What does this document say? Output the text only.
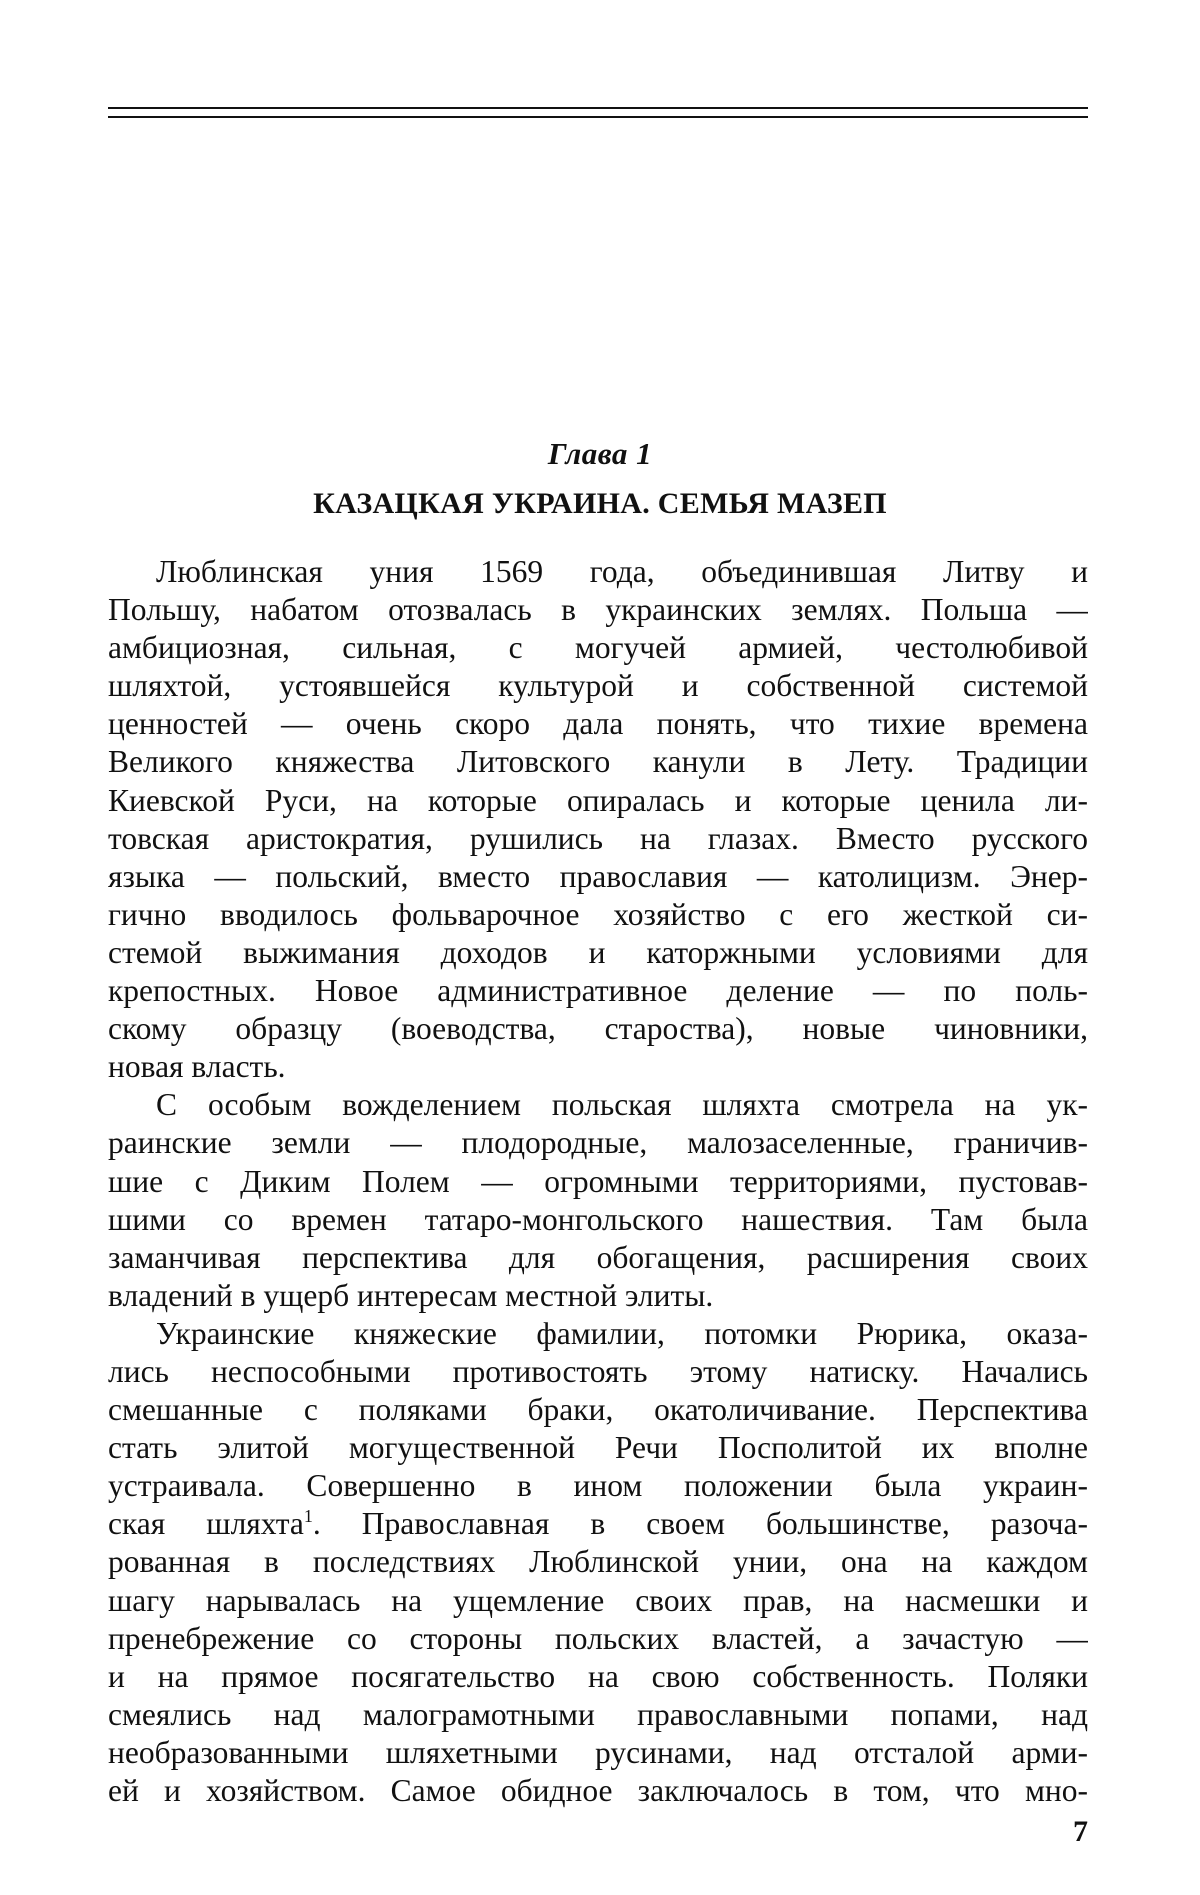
Глава 1
КАЗАЦКАЯ УКРАИНА. СЕМЬЯ МАЗЕП
Люблинская уния 1569 года, объединившая Литву и
Польшу, набатом отозвалась в украинских землях. Польша —
амбициозная, сильная, с могучей армией, честолюбивой
шляхтой, устоявшейся культурой и собственной системой
ценностей — очень скоро дала понять, что тихие времена
Великого княжества Литовского канули в Лету. Традиции
Киевской Руси, на которые опиралась и которые ценила ли-
товская аристократия, рушились на глазах. Вместо русского
языка — польский, вместо православия — католицизм. Энер-
гично вводилось фольварочное хозяйство с его жесткой си-
стемой выжимания доходов и каторжными условиями для
крепостных. Новое административное деление — по поль-
скому образцу (воеводства, староства), новые чиновники,
новая власть.
С особым вожделением польская шляхта смотрела на ук-
раинские земли — плодородные, малозаселенные, граничив-
шие с Диким Полем — огромными территориями, пустовав-
шими со времен татаро-монгольского нашествия. Там была
заманчивая перспектива для обогащения, расширения своих
владений в ущерб интересам местной элиты.
Украинские княжеские фамилии, потомки Рюрика, оказа-
лись неспособными противостоять этому натиску. Начались
смешанные с поляками браки, окатоличивание. Перспектива
стать элитой могущественной Речи Посполитой их вполне
устраивала. Совершенно в ином положении была украин-
ская шляхта$^1$. Православная в своем большинстве, разоча-
рованная в последствиях Люблинской унии, она на каждом
шагу нарывалась на ущемление своих прав, на насмешки и
пренебрежение со стороны польских властей, а зачастую —
и на прямое посягательство на свою собственность. Поляки
смеялись над малограмотными православными попами, над
необразованными шляхетными русинами, над отсталой арми-
ей и хозяйством. Самое обидное заключалось в том, что мно-
7
